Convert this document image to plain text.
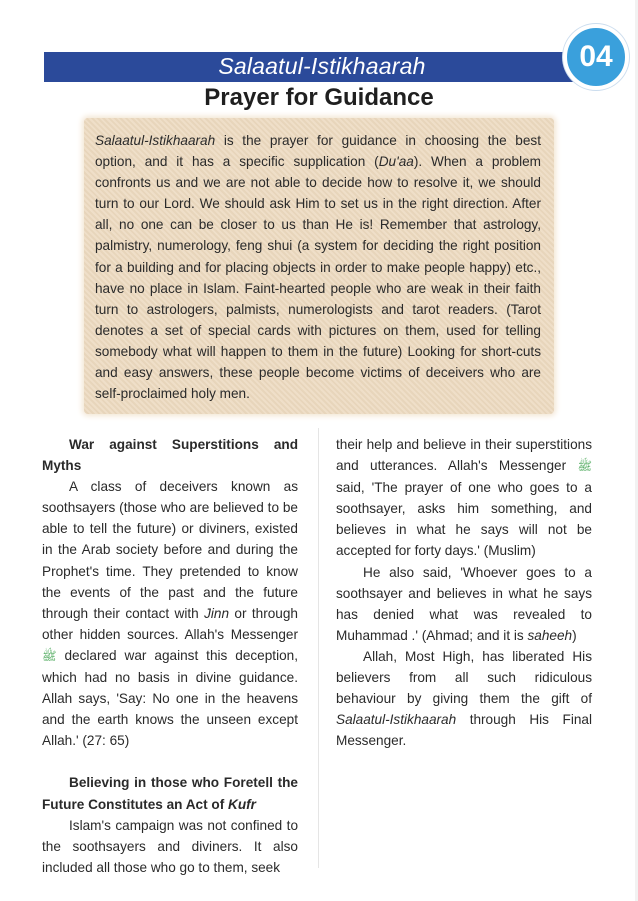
Salaatul-Istikhaarah	04
Prayer for Guidance
Salaatul-Istikhaarah is the prayer for guidance in choosing the best option, and it has a specific supplication (Du'aa). When a problem confronts us and we are not able to decide how to resolve it, we should turn to our Lord. We should ask Him to set us in the right direction. After all, no one can be closer to us than He is! Remember that astrology, palmistry, numerology, feng shui (a system for deciding the right position for a building and for placing objects in order to make people happy) etc., have no place in Islam. Faint-hearted people who are weak in their faith turn to astrologers, palmists, numerologists and tarot readers. (Tarot denotes a set of special cards with pictures on them, used for telling somebody what will happen to them in the future) Looking for short-cuts and easy answers, these people become victims of deceivers who are self-proclaimed holy men.
War against Superstitions and Myths
A class of deceivers known as soothsayers (those who are believed to be able to tell the future) or diviners, existed in the Arab society before and during the Prophet's time. They pretended to know the events of the past and the future through their contact with Jinn or through other hidden sources. Allah's Messenger ﷺ declared war against this deception, which had no basis in divine guidance. Allah says, 'Say: No one in the heavens and the earth knows the unseen except Allah.' (27: 65)
Believing in those who Foretell the Future Constitutes an Act of Kufr
Islam's campaign was not confined to the soothsayers and diviners. It also included all those who go to them, seek
their help and believe in their superstitions and utterances. Allah's Messenger ﷺ said, 'The prayer of one who goes to a soothsayer, asks him something, and believes in what he says will not be accepted for forty days.' (Muslim)
He also said, 'Whoever goes to a soothsayer and believes in what he says has denied what was revealed to Muhammad .' (Ahmad; and it is saheeh)
Allah, Most High, has liberated His believers from all such ridiculous behaviour by giving them the gift of Salaatul-Istikhaarah through His Final Messenger.
